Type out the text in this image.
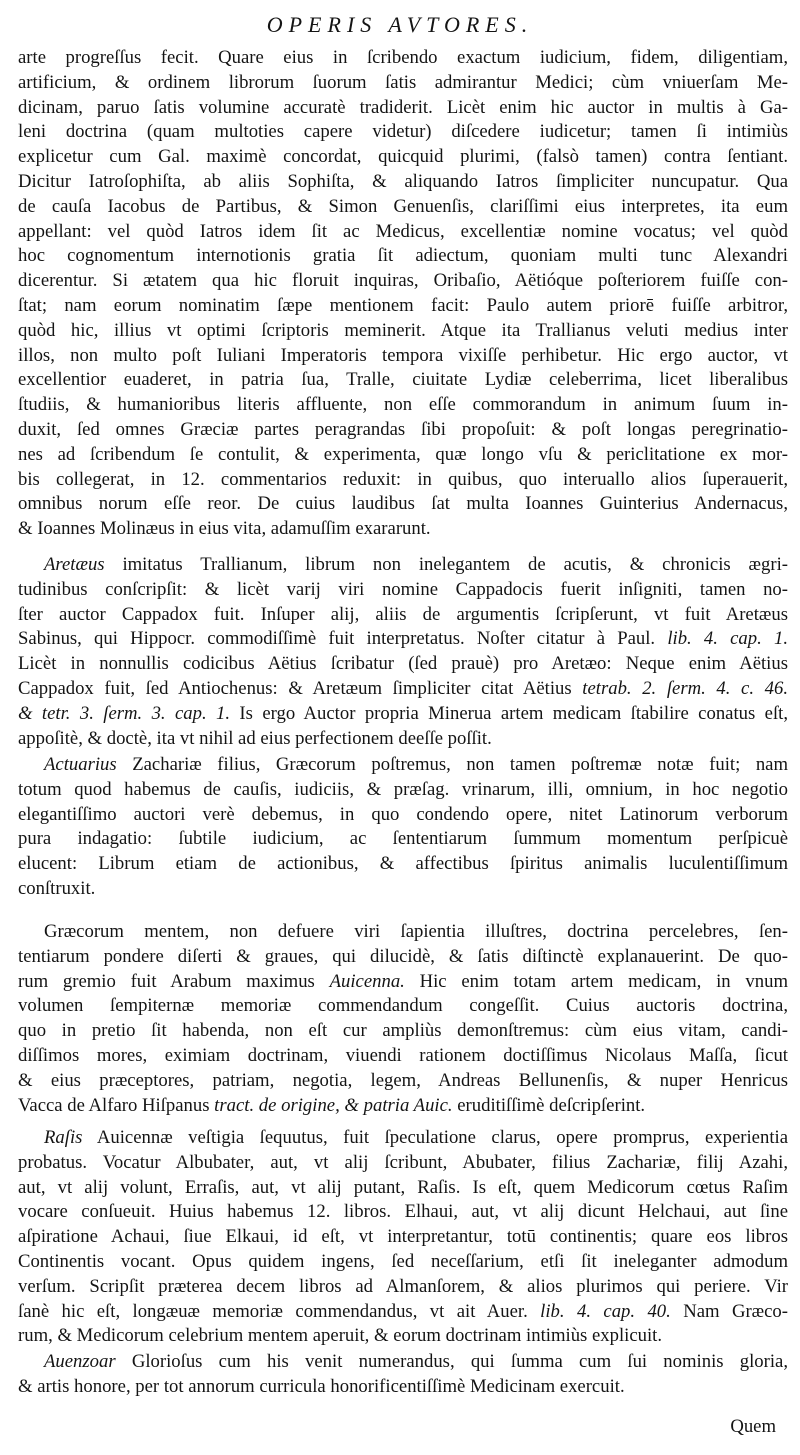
OPERIS AVTORES.
arte progreſſus fecit. Quare eius in ſcribendo exactum iudicium, fidem, diligentiam,
artificium, & ordinem librorum ſuorum ſatis admirantur Medici; cùm vniuerſam Me-
dicinam, paruo ſatis volumine accuratè tradiderit. Licèt enim hic auctor in multis à Ga-
leni doctrina (quam multoties capere videtur) diſcedere iudicetur; tamen ſi intimiùs
explicetur cum Gal. maximè concordat, quicquid plurimi, (falsò tamen) contra ſentiant.
Dicitur Iatroſophiſta, ab aliis Sophiſta, & aliquando Iatros ſimpliciter nuncupatur. Qua
de cauſa Iacobus de Partibus, & Simon Genuenſis, clariſſimi eius interpretes, ita eum
appellant: vel quòd Iatros idem ſit ac Medicus, excellentiæ nomine vocatus; vel quòd
hoc cognomentum internotionis gratia ſit adiectum, quoniam multi tunc Alexandri
dicerentur. Si ætatem qua hic floruit inquiras, Oribaſio, Aëtióque poſteriorem fuiſſe con-
ſtat; nam eorum nominatim ſæpe mentionem facit: Paulo autem priorē fuiſſe arbitror,
quòd hic, illius vt optimi ſcriptoris meminerit. Atque ita Trallianus veluti medius inter
illos, non multo poſt Iuliani Imperatoris tempora vixiſſe perhibetur. Hic ergo auctor, vt
excellentior euaderet, in patria ſua, Tralle, ciuitate Lydiæ celeberrima, licet liberalibus
ſtudiis, & humanioribus literis affluente, non eſſe commorandum in animum ſuum in-
duxit, ſed omnes Græciæ partes peragrandas ſibi propoſuit: & poſt longas peregrinatio-
nes ad ſcribendum ſe contulit, & experimenta, quæ longo vſu & periclitatione ex mor-
bis collegerat, in 12. commentarios reduxit: in quibus, quo interuallo alios ſuperauerit,
omnibus norum eſſe reor. De cuius laudibus ſat multa Ioannes Guinterius Andernacus,
& Ioannes Molinæus in eius vita, adamuſſim exararunt.
Aretæus imitatus Trallianum, librum non inelegantem de acutis, & chronicis ægri-
tudinibus conſcripſit: & licèt varij viri nomine Cappadocis fuerit inſigniti, tamen no-
ſter auctor Cappadox fuit. Inſuper alij, aliis de argumentis ſcripſerunt, vt fuit Aretæus
Sabinus, qui Hippocr. commodiſſimè fuit interpretatus. Noſter citatur à Paul. lib. 4. cap. 1.
Licèt in nonnullis codicibus Aëtius ſcribatur (ſed prauè) pro Aretæo: Neque enim Aëtius
Cappadox fuit, ſed Antiochenus: & Aretæum ſimpliciter citat Aëtius tetrab. 2. ſerm. 4. c. 46.
& tetr. 3. ſerm. 3. cap. 1. Is ergo Auctor propria Minerua artem medicam ſtabilire conatus eſt,
appoſitè, & doctè, ita vt nihil ad eius perfectionem deeſſe poſſit.
Actuarius Zachariæ filius, Græcorum poſtremus, non tamen poſtremæ notæ fuit; nam
totum quod habemus de cauſis, iudiciis, & præſag. vrinarum, illi, omnium, in hoc negotio
elegantiſſimo auctori verè debemus, in quo condendo opere, nitet Latinorum verborum
pura indagatio: ſubtile iudicium, ac ſententiarum ſummum momentum perſpicuè
elucent: Librum etiam de actionibus, & affectibus ſpiritus animalis luculentiſſimum
conſtruxit.
Græcorum mentem, non defuere viri ſapientia illuſtres, doctrina percelebres, ſen-
tentiarum pondere diſerti & graues, qui dilucidè, & ſatis diſtinctè explanauerint. De quo-
rum gremio fuit Arabum maximus Auicenna. Hic enim totam artem medicam, in vnum
volumen ſempiternæ memoriæ commendandum congeſſit. Cuius auctoris doctrina,
quo in pretio ſit habenda, non eſt cur ampliùs demonſtremus: cùm eius vitam, candi-
diſſimos mores, eximiam doctrinam, viuendi rationem doctiſſimus Nicolaus Maſſa, ſicut
& eius præceptores, patriam, negotia, legem, Andreas Bellunenſis, & nuper Henricus
Vacca de Alfaro Hiſpanus tract. de origine, & patria Auic. eruditiſſimè deſcripſerint.
Raſis Auicennæ veſtigia ſequutus, fuit ſpeculatione clarus, opere promprus, experientia
probatus. Vocatur Albubater, aut, vt alij ſcribunt, Abubater, filius Zachariæ, filij Azahi,
aut, vt alij volunt, Erraſis, aut, vt alij putant, Raſis. Is eſt, quem Medicorum cœtus Raſim
vocare conſueuit. Huius habemus 12. libros. Elhaui, aut, vt alij dicunt Helchaui, aut ſine
aſpiratione Achaui, ſiue Elkaui, id eſt, vt interpretantur, totū continentis; quare eos libros
Continentis vocant. Opus quidem ingens, ſed neceſſarium, etſi ſit ineleganter admodum
verſum. Scripſit præterea decem libros ad Almanſorem, & alios plurimos qui periere. Vir
ſanè hic eſt, longæuæ memoriæ commendandus, vt ait Auer. lib. 4. cap. 40. Nam Græco-
rum, & Medicorum celebrium mentem aperuit, & eorum doctrinam intimiùs explicuit.
Auenzoar Glorioſus cum his venit numerandus, qui ſumma cum ſui nominis gloria,
& artis honore, per tot annorum curricula honorificentiſſimè Medicinam exercuit.
Quem
